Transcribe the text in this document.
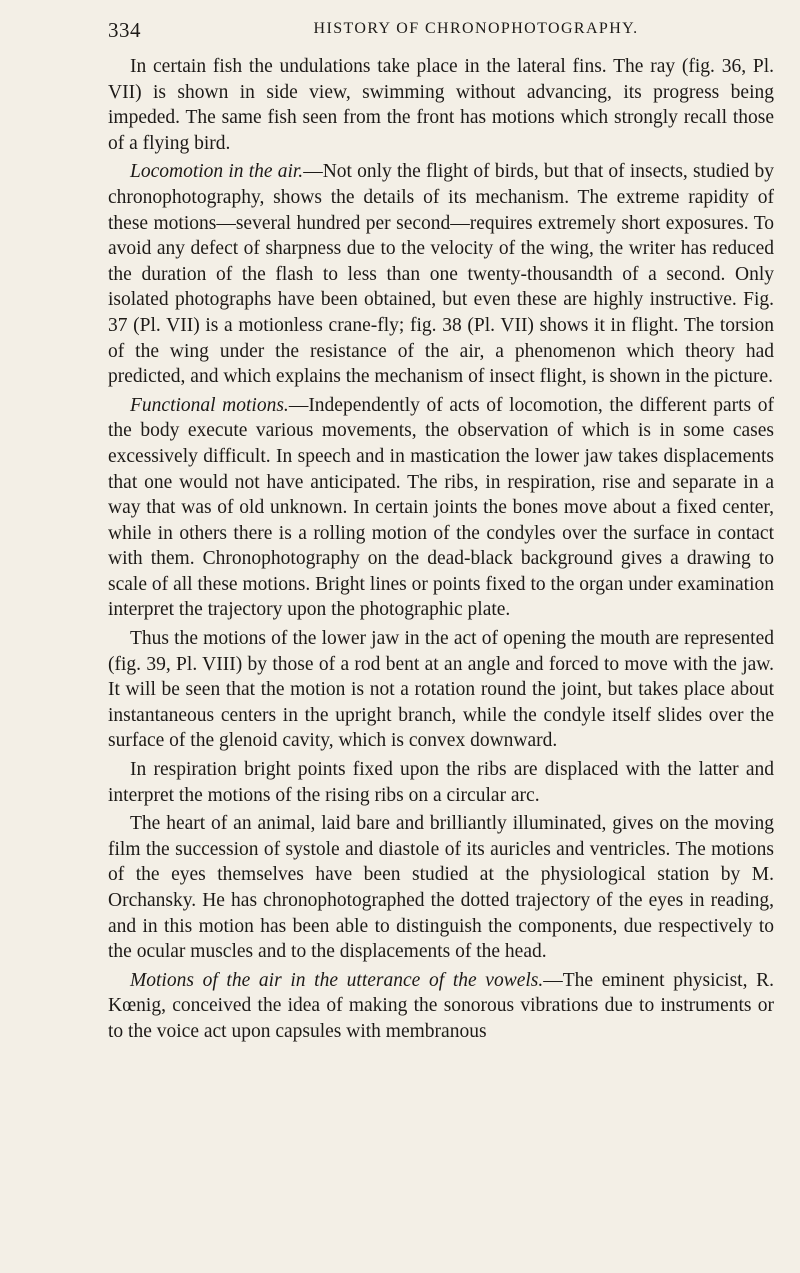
334	HISTORY OF CHRONOPHOTOGRAPHY.

In certain fish the undulations take place in the lateral fins. The ray (fig. 36, Pl. VII) is shown in side view, swimming without advancing, its progress being impeded. The same fish seen from the front has motions which strongly recall those of a flying bird.

Locomotion in the air.—Not only the flight of birds, but that of insects, studied by chronophotography, shows the details of its mechanism. The extreme rapidity of these motions—several hundred per second—requires extremely short exposures. To avoid any defect of sharpness due to the velocity of the wing, the writer has reduced the duration of the flash to less than one twenty-thousandth of a second. Only isolated photographs have been obtained, but even these are highly instructive. Fig. 37 (Pl. VII) is a motionless crane-fly; fig. 38 (Pl. VII) shows it in flight. The torsion of the wing under the resistance of the air, a phenomenon which theory had predicted, and which explains the mechanism of insect flight, is shown in the picture.

Functional motions.—Independently of acts of locomotion, the different parts of the body execute various movements, the observation of which is in some cases excessively difficult. In speech and in mastication the lower jaw takes displacements that one would not have anticipated. The ribs, in respiration, rise and separate in a way that was of old unknown. In certain joints the bones move about a fixed center, while in others there is a rolling motion of the condyles over the surface in contact with them. Chronophotography on the dead-black background gives a drawing to scale of all these motions. Bright lines or points fixed to the organ under examination interpret the trajectory upon the photographic plate.

Thus the motions of the lower jaw in the act of opening the mouth are represented (fig. 39, Pl. VIII) by those of a rod bent at an angle and forced to move with the jaw. It will be seen that the motion is not a rotation round the joint, but takes place about instantaneous centers in the upright branch, while the condyle itself slides over the surface of the glenoid cavity, which is convex downward.

In respiration bright points fixed upon the ribs are displaced with the latter and interpret the motions of the rising ribs on a circular arc.

The heart of an animal, laid bare and brilliantly illuminated, gives on the moving film the succession of systole and diastole of its auricles and ventricles. The motions of the eyes themselves have been studied at the physiological station by M. Orchansky. He has chronophotographed the dotted trajectory of the eyes in reading, and in this motion has been able to distinguish the components, due respectively to the ocular muscles and to the displacements of the head.

Motions of the air in the utterance of the vowels.—The eminent physicist, R. Kœnig, conceived the idea of making the sonorous vibrations due to instruments or to the voice act upon capsules with membranous
